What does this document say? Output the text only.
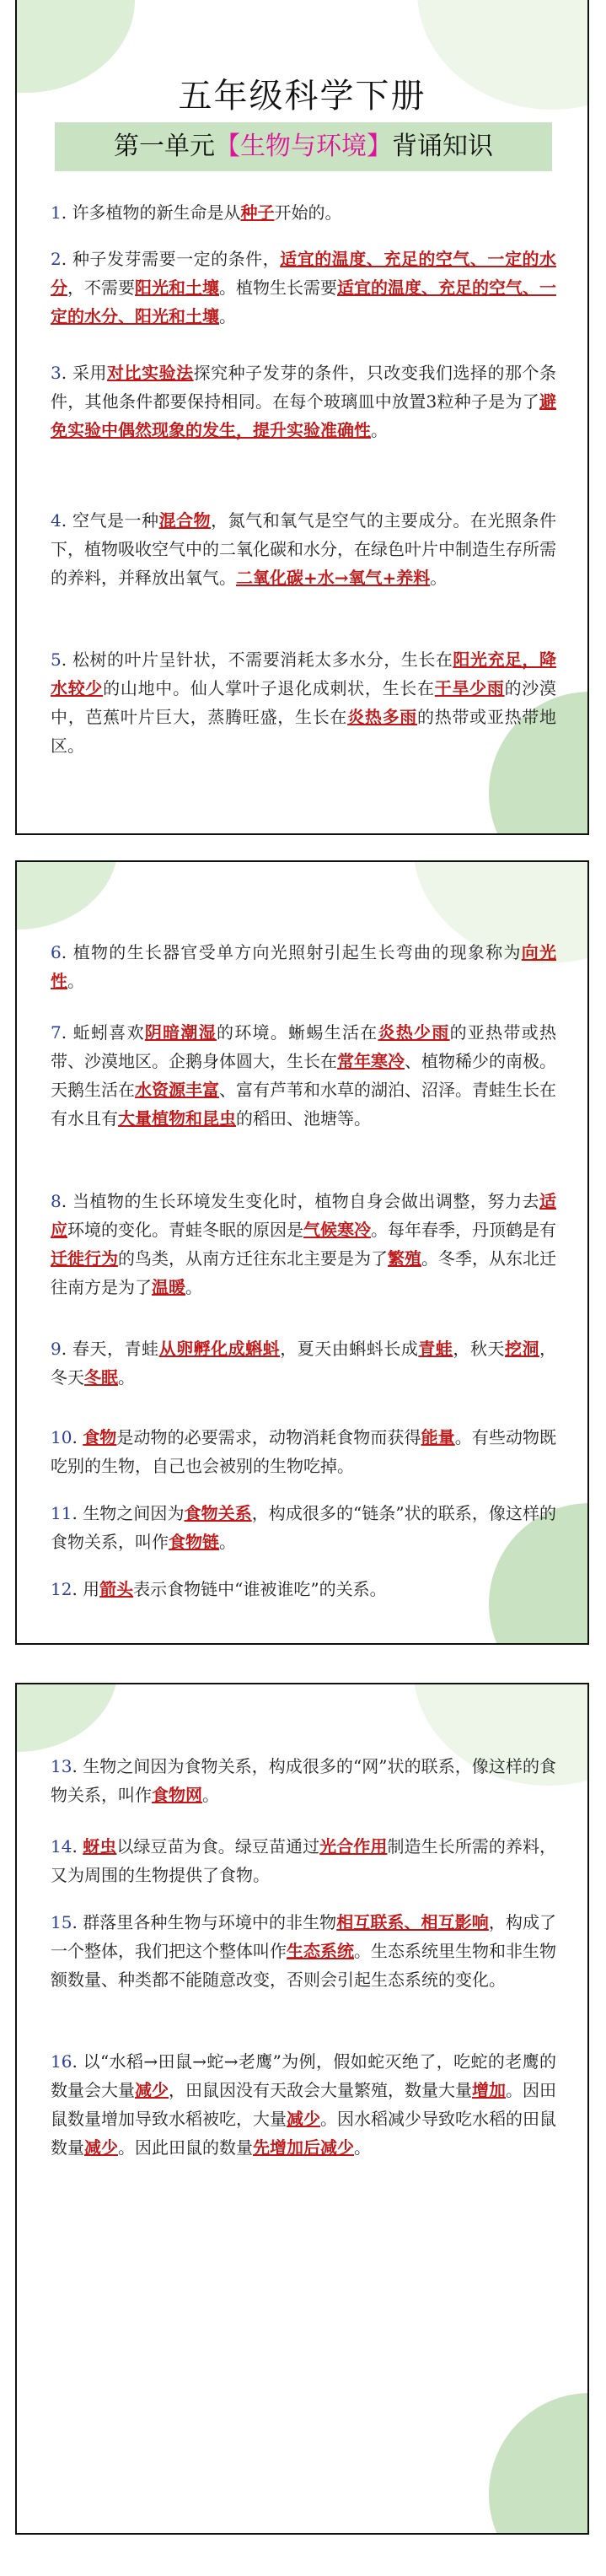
五年级科学下册
第一单元【生物与环境】背诵知识
1. 许多植物的新生命是从种子开始的。
2. 种子发芽需要一定的条件，适宜的温度、充足的空气、一定的水分，不需要阳光和土壤。植物生长需要适宜的温度、充足的空气、一定的水分、阳光和土壤。
3. 采用对比实验法探究种子发芽的条件，只改变我们选择的那个条件，其他条件都要保持相同。在每个玻璃皿中放置3粒种子是为了避免实验中偶然现象的发生，提升实验准确性。
4. 空气是一种混合物，氮气和氧气是空气的主要成分。在光照条件下，植物吸收空气中的二氧化碳和水分，在绿色叶片中制造生存所需的养料，并释放出氧气。二氧化碳+水→氧气+养料。
5. 松树的叶片呈针状，不需要消耗太多水分，生长在阳光充足，降水较少的山地中。仙人掌叶子退化成刺状，生长在干旱少雨的沙漠中，芭蕉叶片巨大，蒸腾旺盛，生长在炎热多雨的热带或亚热带地区。
6. 植物的生长器官受单方向光照射引起生长弯曲的现象称为向光性。
7. 蚯蚓喜欢阴暗潮湿的环境。蜥蜴生活在炎热少雨的亚热带或热带、沙漠地区。企鹅身体圆大，生长在常年寒冷、植物稀少的南极。天鹅生活在水资源丰富、富有芦苇和水草的湖泊、沼泽。青蛙生长在有水且有大量植物和昆虫的稻田、池塘等。
8. 当植物的生长环境发生变化时，植物自身会做出调整，努力去适应环境的变化。青蛙冬眠的原因是气候寒冷。每年春季，丹顶鹤是有迁徙行为的鸟类，从南方迁往东北主要是为了繁殖。冬季，从东北迁往南方是为了温暖。
9. 春天，青蛙从卵孵化成蝌蚪，夏天由蝌蚪长成青蛙，秋天挖洞，冬天冬眠。
10. 食物是动物的必要需求，动物消耗食物而获得能量。有些动物既吃别的生物，自己也会被别的生物吃掉。
11. 生物之间因为食物关系，构成很多的“链条”状的联系，像这样的食物关系，叫作食物链。
12. 用箭头表示食物链中“谁被谁吃”的关系。
13. 生物之间因为食物关系，构成很多的“网”状的联系，像这样的食物关系，叫作食物网。
14. 蚜虫以绿豆苗为食。绿豆苗通过光合作用制造生长所需的养料，又为周围的生物提供了食物。
15. 群落里各种生物与环境中的非生物相互联系、相互影响，构成了一个整体，我们把这个整体叫作生态系统。生态系统里生物和非生物额数量、种类都不能随意改变，否则会引起生态系统的变化。
16. 以“水稻→田鼠→蛇→老鹰”为例，假如蛇灭绝了，吃蛇的老鹰的数量会大量减少，田鼠因没有天敌会大量繁殖，数量大量增加。因田鼠数量增加导致水稻被吃，大量减少。因水稻减少导致吃水稻的田鼠数量减少。因此田鼠的数量先增加后减少。
